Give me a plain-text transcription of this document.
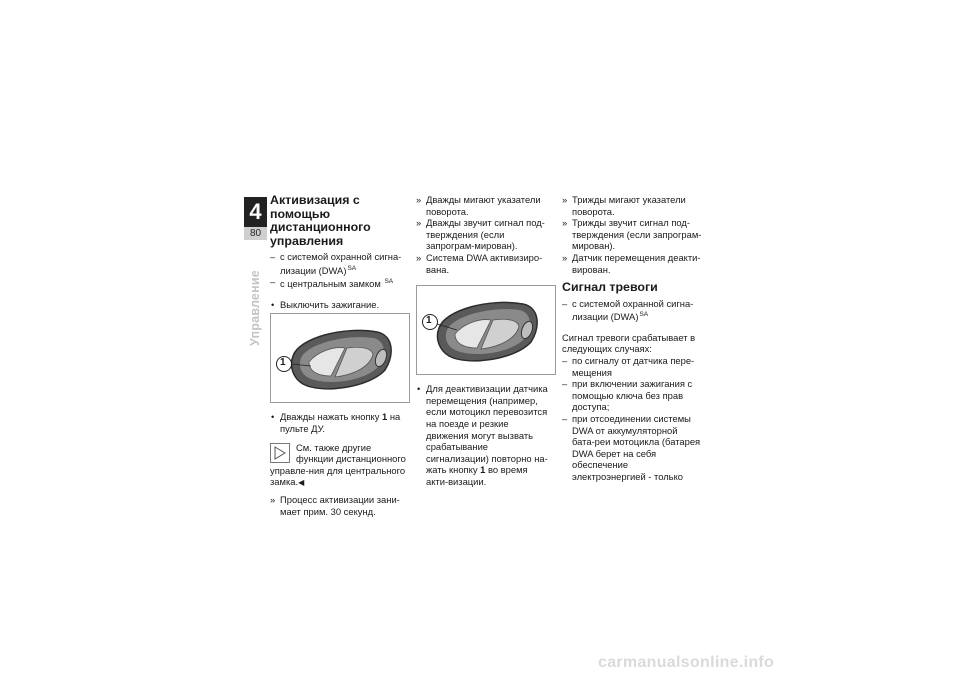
4
80
Управление
Активизация с помощью дистанционного управления
– с системой охранной сигна-лизации (DWA)$^{SA}$
– с центральным замком $^{SA}$
• Выключить зажигание.
1
• Дважды нажать кнопку 1 на пульте ДУ.
См. также другие функции дистанционного управле-ния для центрального замка.◀
» Процесс активизации зани-мает прим. 30 секунд.
» Дважды мигают указатели поворота.
» Дважды звучит сигнал под-тверждения (если запрограм-мирован).
» Система DWA активизиро-вана.
1
• Для деактивизации датчика перемещения (например, если мотоцикл перевозится на поезде и резкие движения могут вызвать срабатывание сигнализации) повторно на-жать кнопку 1 во время акти-визации.
» Трижды мигают указатели поворота.
» Трижды звучит сигнал под-тверждения (если запрограм-мирован).
» Датчик перемещения деакти-вирован.
Сигнал тревоги
– с системой охранной сигна-лизации (DWA)$^{SA}$

Сигнал тревоги срабатывает в следующих случаях:

– по сигналу от датчика пере-мещения
– при включении зажигания с помощью ключа без прав доступа;
– при отсоединении системы DWA от аккумуляторной бата-реи мотоцикла (батарея DWA берет на себя обеспечение электроэнергией - только
carmanualsonline.info
